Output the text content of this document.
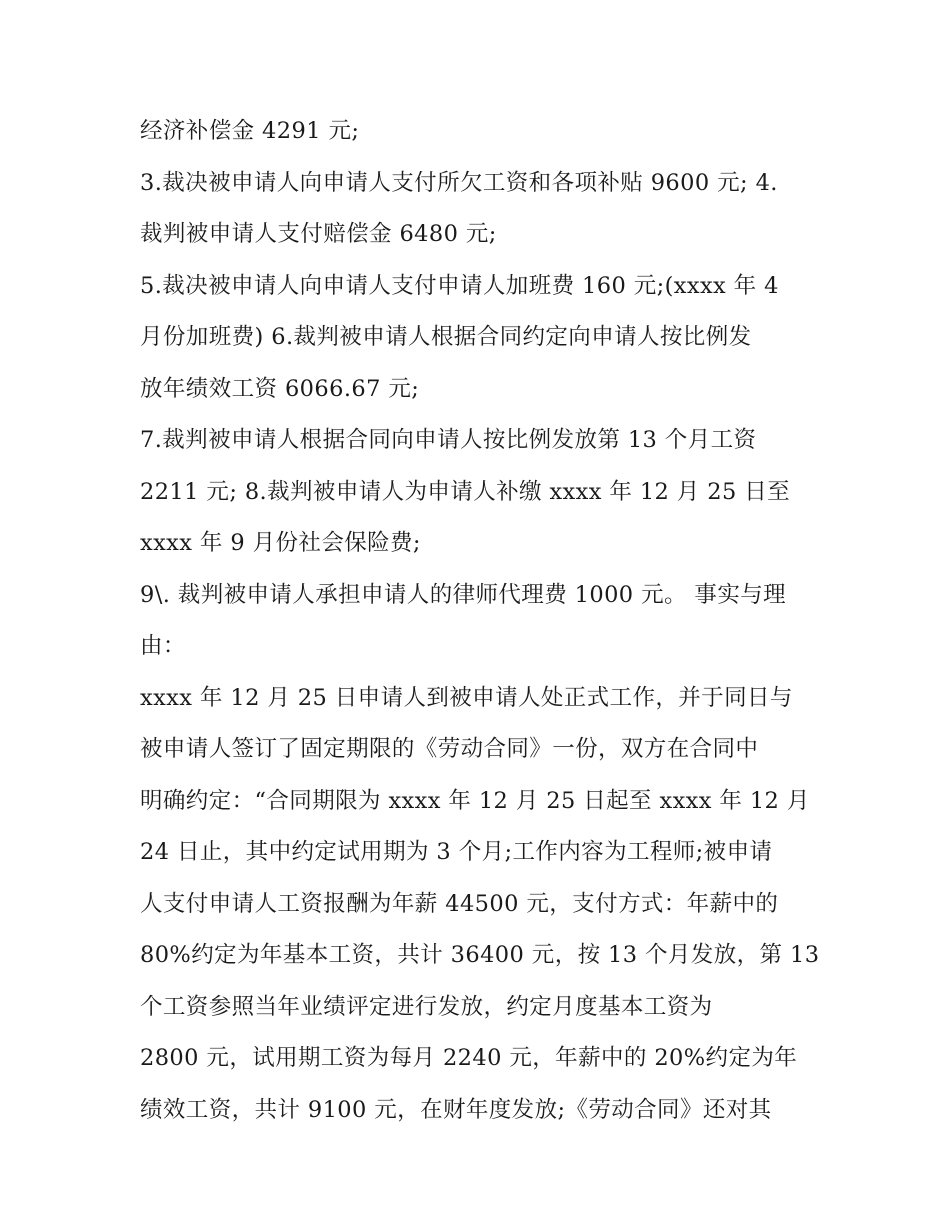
经济补偿金 4291 元;
3.裁决被申请人向申请人支付所欠工资和各项补贴 9600 元; 4.
裁判被申请人支付赔偿金 6480 元;
5.裁决被申请人向申请人支付申请人加班费 160 元;(xxxx 年 4
月份加班费) 6.裁判被申请人根据合同约定向申请人按比例发
放年绩效工资 6066.67 元;
7.裁判被申请人根据合同向申请人按比例发放第 13 个月工资
2211 元; 8.裁判被申请人为申请人补缴 xxxx 年 12 月 25 日至
xxxx 年 9 月份社会保险费;
9\. 裁判被申请人承担申请人的律师代理费 1000 元。 事实与理
由：
xxxx 年 12 月 25 日申请人到被申请人处正式工作，并于同日与
被申请人签订了固定期限的《劳动合同》一份，双方在合同中
明确约定：“合同期限为 xxxx 年 12 月 25 日起至 xxxx 年 12 月
24 日止，其中约定试用期为 3 个月;工作内容为工程师;被申请
人支付申请人工资报酬为年薪 44500 元，支付方式：年薪中的
80%约定为年基本工资，共计 36400 元，按 13 个月发放，第 13
个工资参照当年业绩评定进行发放，约定月度基本工资为
2800 元，试用期工资为每月 2240 元，年薪中的 20%约定为年
绩效工资，共计 9100 元，在财年度发放;《劳动合同》还对其
